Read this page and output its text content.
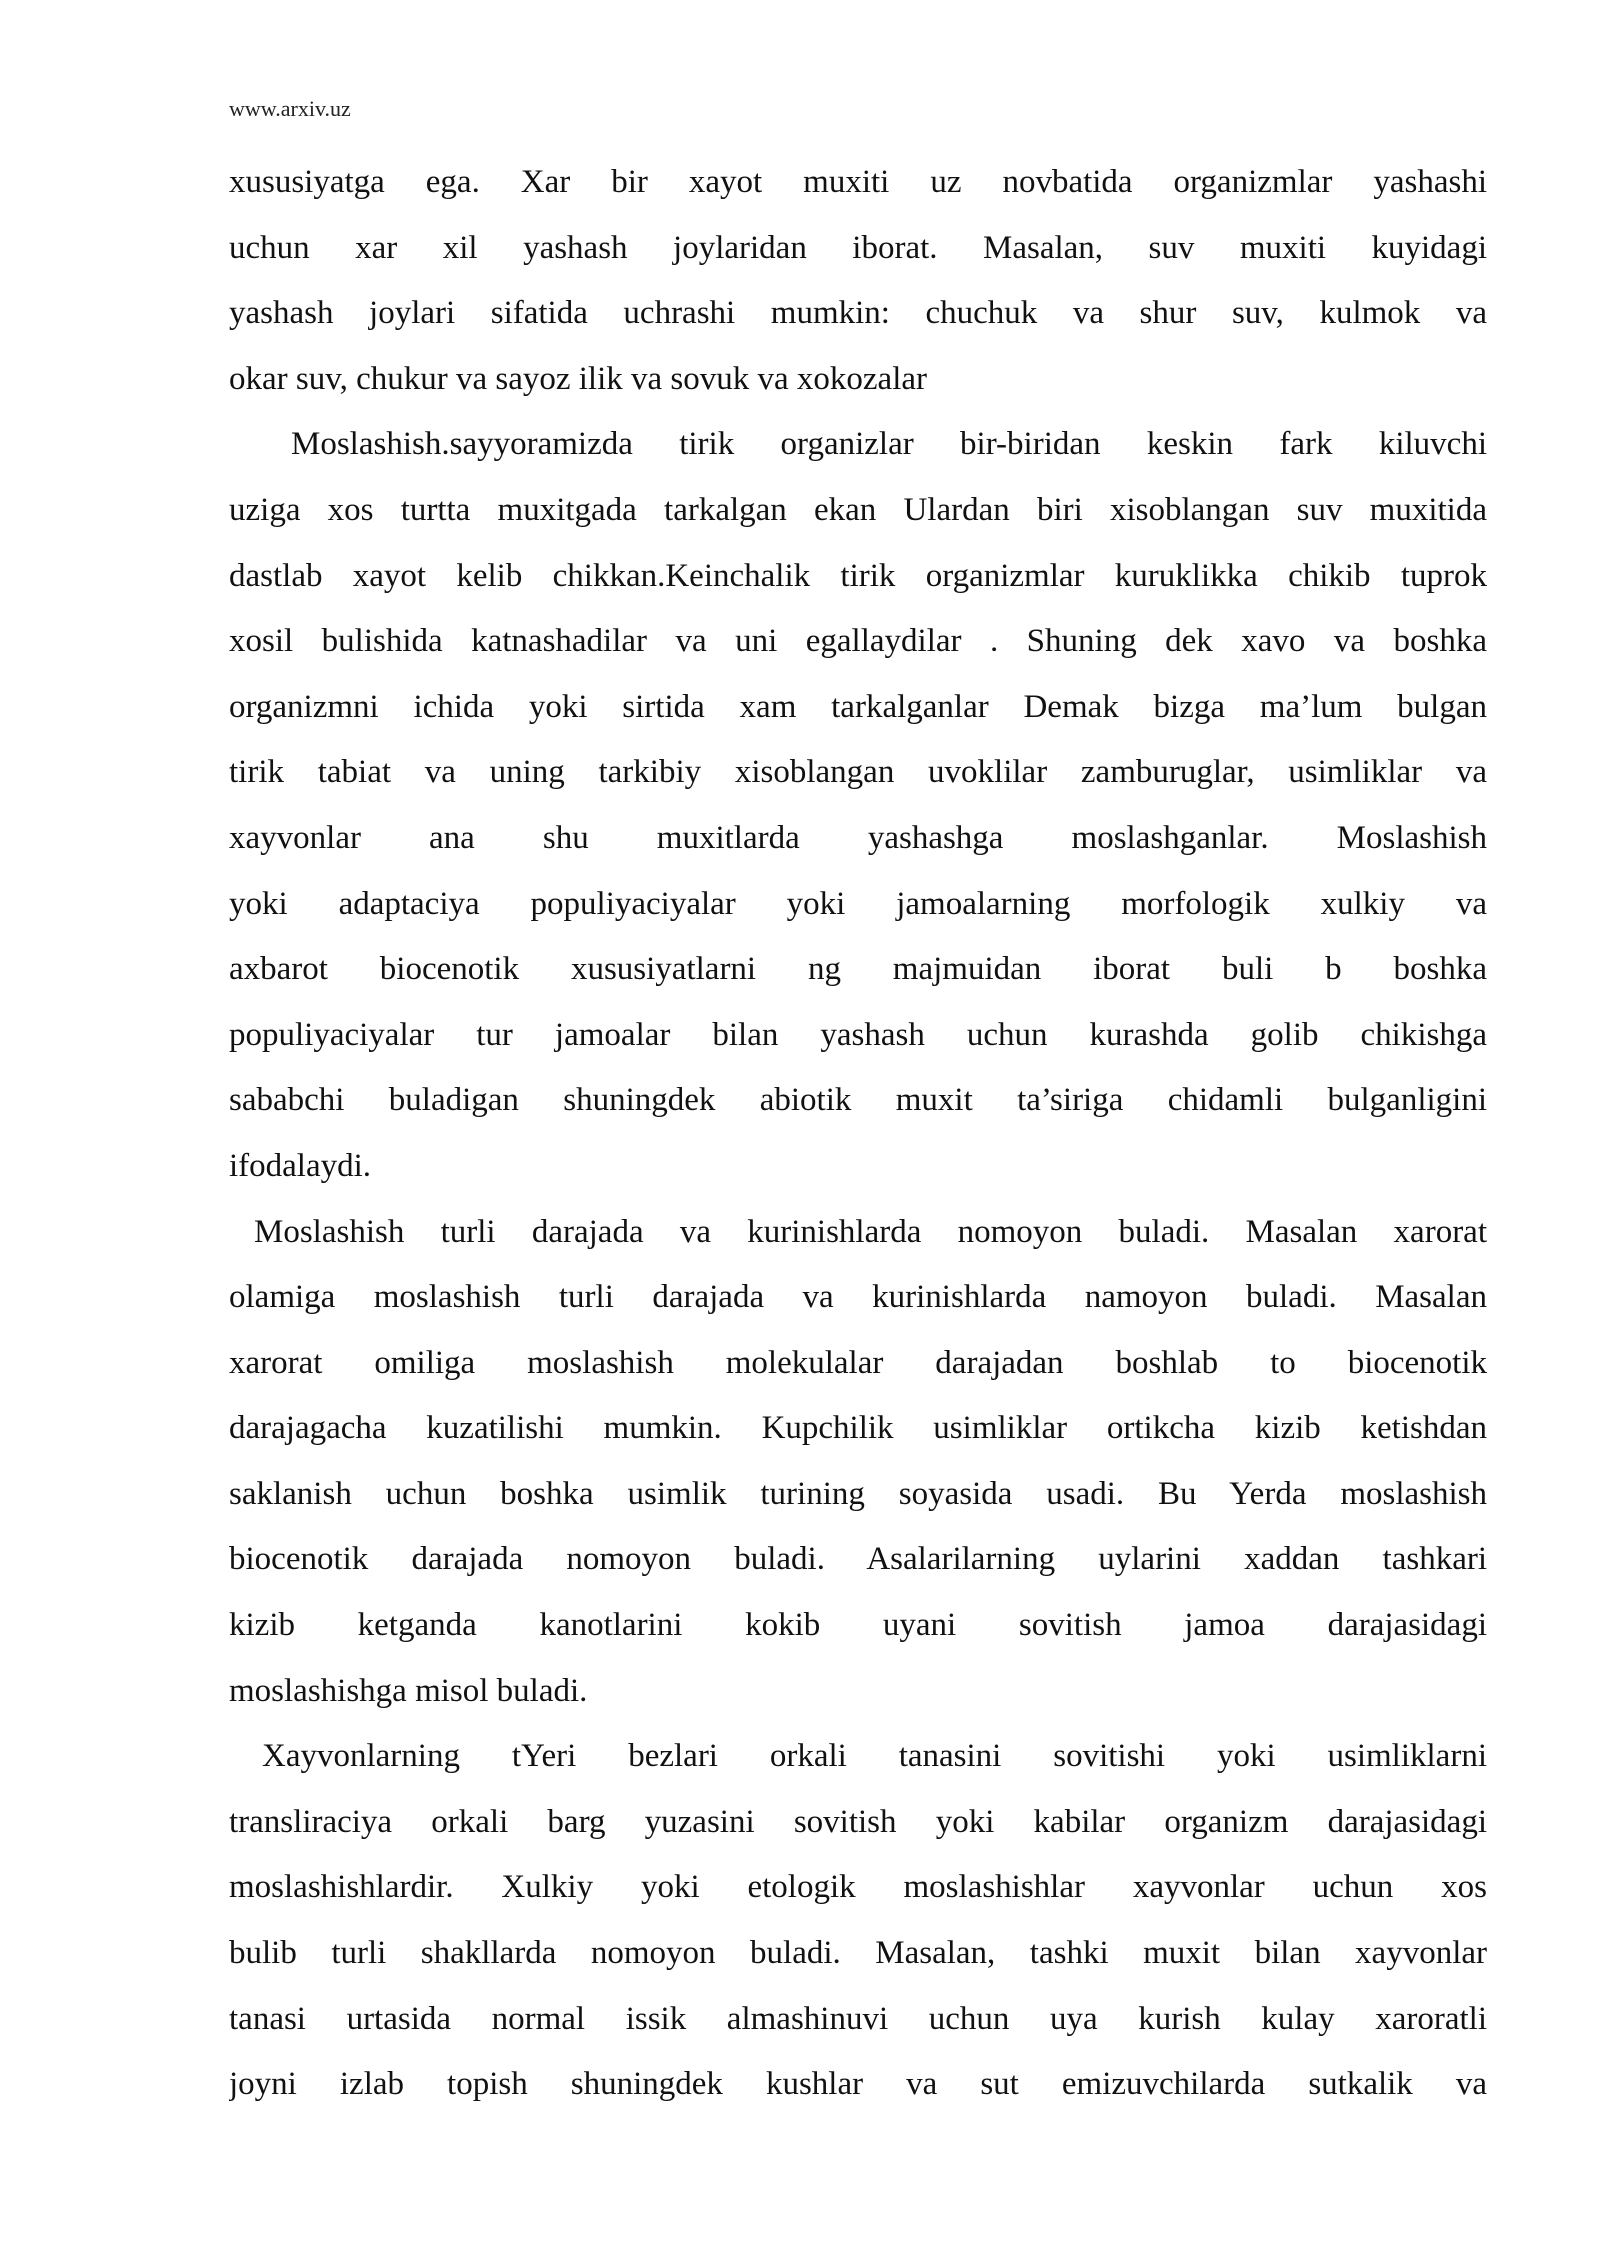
www.arxiv.uz
xususiyatga ega. Xar bir xayot muxiti uz novbatida organizmlar yashashi
uchun xar xil yashash joylaridan iborat. Masalan, suv muxiti kuyidagi
yashash joylari sifatida uchrashi mumkin: chuchuk va shur suv, kulmok va
okar suv, chukur va sayoz ilik va sovuk va xokozalar
Moslashish.sayyoramizda tirik organizlar bir-biridan keskin fark kiluvchi
uziga xos turtta muxitgada tarkalgan ekan Ulardan biri xisoblangan suv muxitida
dastlab xayot kelib chikkan.Keinchalik tirik organizmlar kuruklikka chikib tuprok
xosil bulishida katnashadilar va uni egallaydilar . Shuning dek xavo va boshka
organizmni ichida yoki sirtida xam tarkalganlar Demak bizga ma’lum bulgan
tirik tabiat va uning tarkibiy xisoblangan uvoklilar zamburuglar, usimliklar va
xayvonlar ana shu muxitlarda yashashga moslashganlar. Moslashish
yoki adaptaciya populiyaciyalar yoki jamoalarning morfologik xulkiy va
axbarot biocenotik xususiyatlarni ng majmuidan iborat buli b boshka
populiyaciyalar tur jamoalar bilan yashash uchun kurashda golib chikishga
sababchi buladigan shuningdek abiotik muxit ta’siriga chidamli bulganligini
ifodalaydi.
Moslashish turli darajada va kurinishlarda nomoyon buladi. Masalan xarorat
olamiga moslashish turli darajada va kurinishlarda namoyon buladi. Masalan
xarorat omiliga moslashish molekulalar darajadan boshlab to biocenotik
darajagacha kuzatilishi mumkin. Kupchilik usimliklar ortikcha kizib ketishdan
saklanish uchun boshka usimlik turining soyasida usadi. Bu Yerda moslashish
biocenotik darajada nomoyon buladi. Asalarilarning uylarini xaddan tashkari
kizib ketganda kanotlarini kokib uyani sovitish jamoa darajasidagi
moslashishga misol buladi.
Xayvonlarning tYeri bezlari orkali tanasini sovitishi yoki usimliklarni
transliraciya orkali barg yuzasini sovitish yoki kabilar organizm darajasidagi
moslashishlardir. Xulkiy yoki etologik moslashishlar xayvonlar uchun xos
bulib turli shakllarda nomoyon buladi. Masalan, tashki muxit bilan xayvonlar
tanasi urtasida normal issik almashinuvi uchun uya kurish kulay xaroratli
joyni izlab topish shuningdek kushlar va sut emizuvchilarda sutkalik va
